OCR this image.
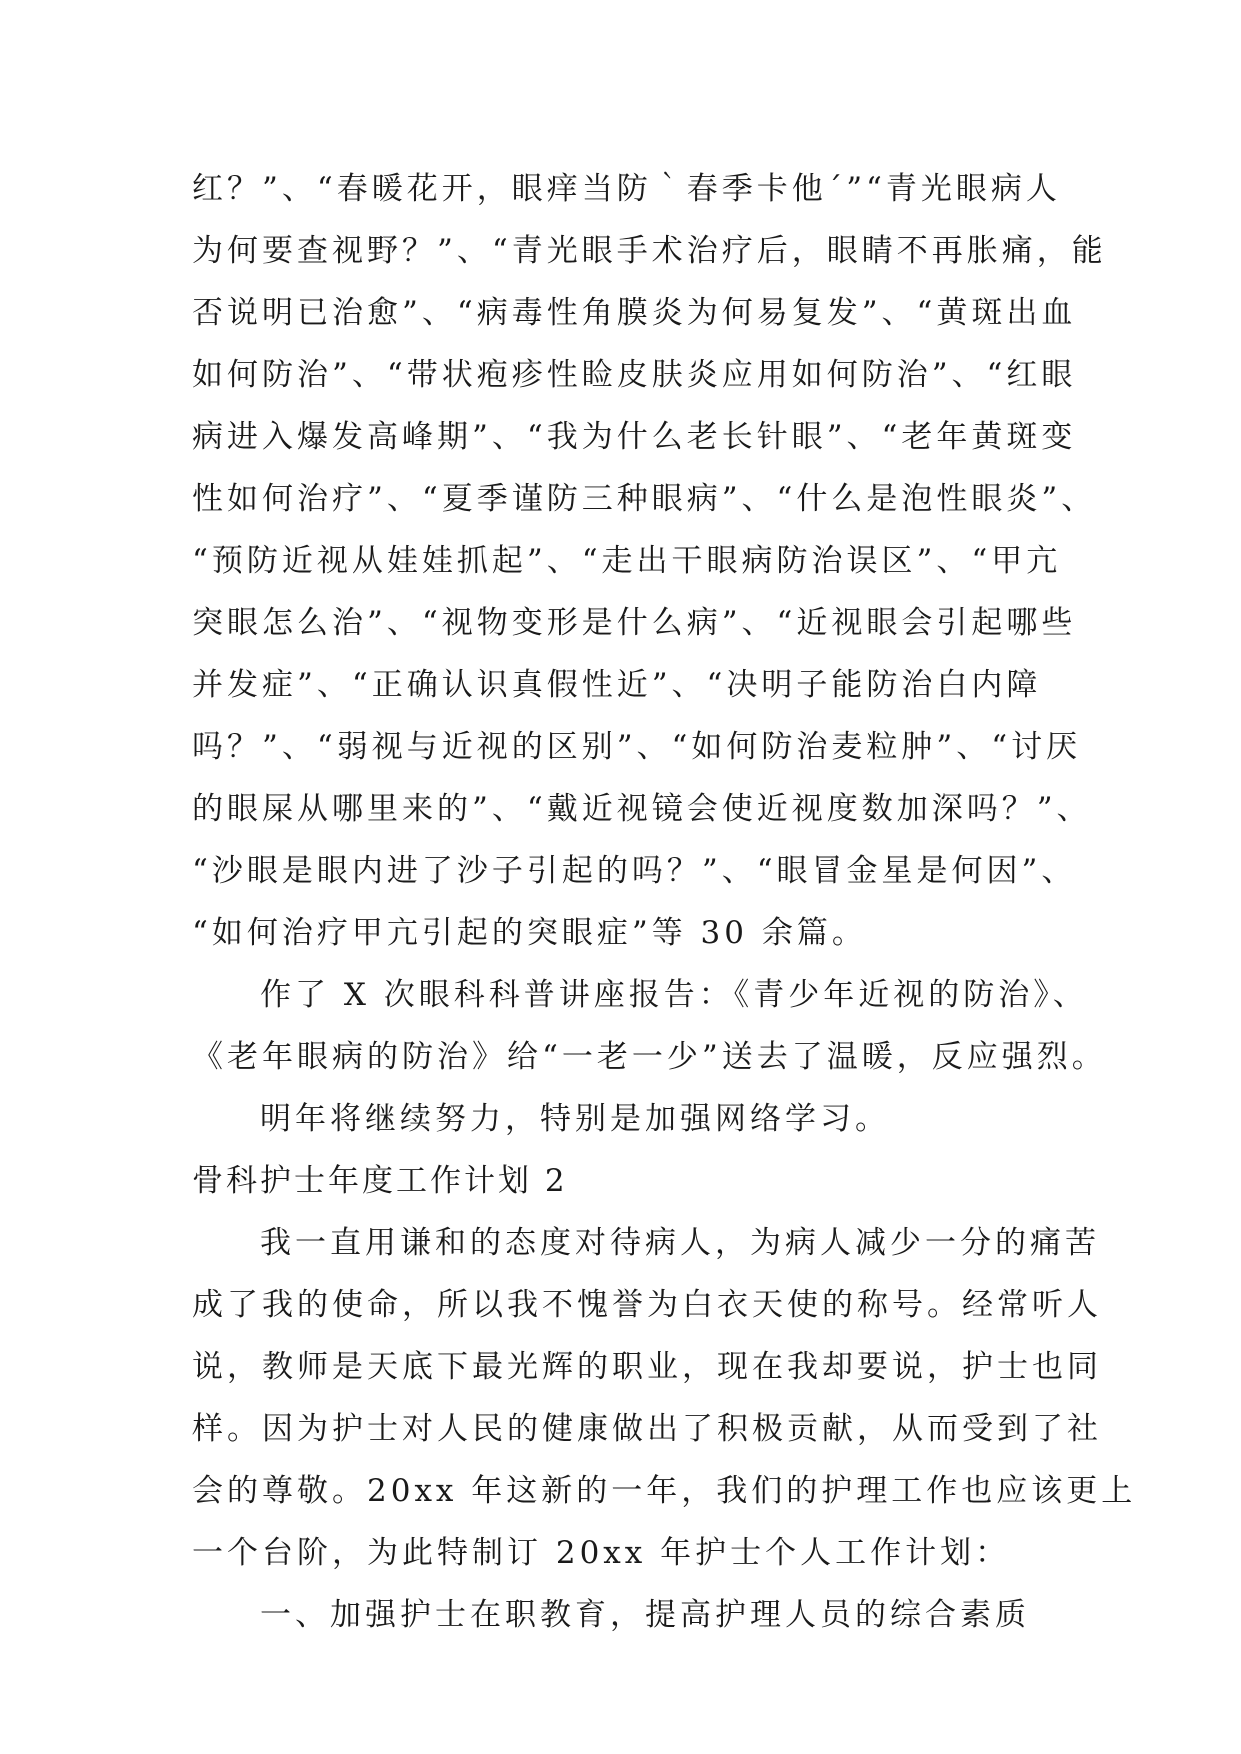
红？”、“春暖花开，眼痒当防｀春季卡他´”“青光眼病人
为何要查视野？”、“青光眼手术治疗后，眼睛不再胀痛，能
否说明已治愈”、“病毒性角膜炎为何易复发”、“黄斑出血
如何防治”、“带状疱疹性睑皮肤炎应用如何防治”、“红眼
病进入爆发高峰期”、“我为什么老长针眼”、“老年黄斑变
性如何治疗”、“夏季谨防三种眼病”、“什么是泡性眼炎”、
“预防近视从娃娃抓起”、“走出干眼病防治误区”、“甲亢
突眼怎么治”、“视物变形是什么病”、“近视眼会引起哪些
并发症”、“正确认识真假性近”、“决明子能防治白内障
吗？”、“弱视与近视的区别”、“如何防治麦粒肿”、“讨厌
的眼屎从哪里来的”、“戴近视镜会使近视度数加深吗？”、
“沙眼是眼内进了沙子引起的吗？”、“眼冒金星是何因”、
“如何治疗甲亢引起的突眼症”等 30 余篇。
作了 X 次眼科科普讲座报告：《青少年近视的防治》、
《老年眼病的防治》给“一老一少”送去了温暖，反应强烈。
明年将继续努力，特别是加强网络学习。
骨科护士年度工作计划 2
我一直用谦和的态度对待病人，为病人减少一分的痛苦
成了我的使命，所以我不愧誉为白衣天使的称号。经常听人
说，教师是天底下最光辉的职业，现在我却要说，护士也同
样。因为护士对人民的健康做出了积极贡献，从而受到了社
会的尊敬。20xx 年这新的一年，我们的护理工作也应该更上
一个台阶，为此特制订 20xx 年护士个人工作计划：
一、加强护士在职教育，提高护理人员的综合素质
